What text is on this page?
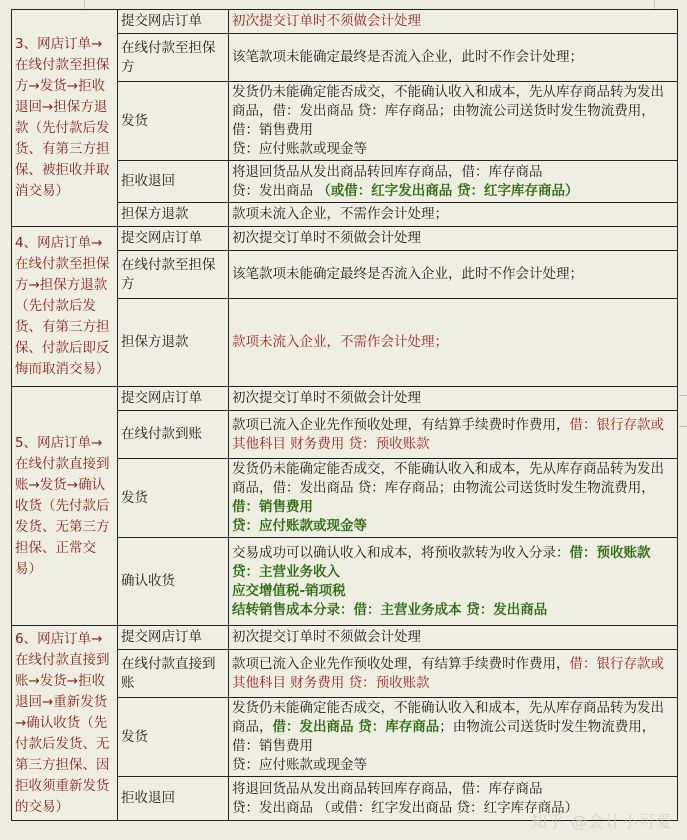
3、网店订单→在线付款至担保方→发货→拒收退回→担保方退款（先付款后发货、有第三方担保、被拒收并取消交易）	提交网店订单	初次提交订单时不须做会计处理
	在线付款至担保方	该笔款项未能确定最终是否流入企业，此时不作会计处理；
	发货	发货仍未能确定能否成交，不能确认收入和成本，先从库存商品转为发出商品，借：发出商品 贷：库存商品；由物流公司送货时发生物流费用，借：销售费用
贷：应付账款或现金等
	拒收退回	将退回货品从发出商品转回库存商品，借：库存商品
贷：发出商品 （或借：红字发出商品 贷：红字库存商品）
	担保方退款	款项未流入企业，不需作会计处理；
4、网店订单→在线付款至担保方→担保方退款（先付款后发货、有第三方担保、付款后即反悔而取消交易）	提交网店订单	初次提交订单时不须做会计处理
	在线付款至担保方	该笔款项未能确定最终是否流入企业，此时不作会计处理；
	担保方退款	款项未流入企业，不需作会计处理；
5、网店订单→在线付款直接到账→发货→确认收货（先付款后发货、无第三方担保、正常交易）	提交网店订单	初次提交订单时不须做会计处理
	在线付款到账	款项已流入企业先作预收处理，有结算手续费时作费用，借：银行存款或其他科目 财务费用 贷：预收账款
	发货	发货仍未能确定能否成交，不能确认收入和成本，先从库存商品转为发出商品，借：发出商品 贷：库存商品；由物流公司送货时发生物流费用，借：销售费用
贷：应付账款或现金等
	确认收货	交易成功可以确认收入和成本，将预收款转为收入分录：借：预收账款
贷：主营业务收入
应交增值税-销项税
结转销售成本分录：借：主营业务成本 贷：发出商品
6、网店订单→在线付款直接到账→发货→拒收退回→重新发货→确认收货（先付款后发货、无第三方担保、因拒收须重新发货的交易）	提交网店订单	初次提交订单时不须做会计处理
	在线付款直接到账	款项已流入企业先作预收处理，有结算手续费时作费用，借：银行存款或其他科目 财务费用 贷：预收账款
	发货	发货仍未能确定能否成交，不能确认收入和成本，先从库存商品转为发出商品，借：发出商品 贷：库存商品；由物流公司送货时发生物流费用，借：销售费用
贷：应付账款或现金等
	拒收退回	将退回货品从发出商品转回库存商品，借：库存商品
贷：发出商品 （或借：红字发出商品 贷：红字库存商品）
知乎 @会计小可爱
